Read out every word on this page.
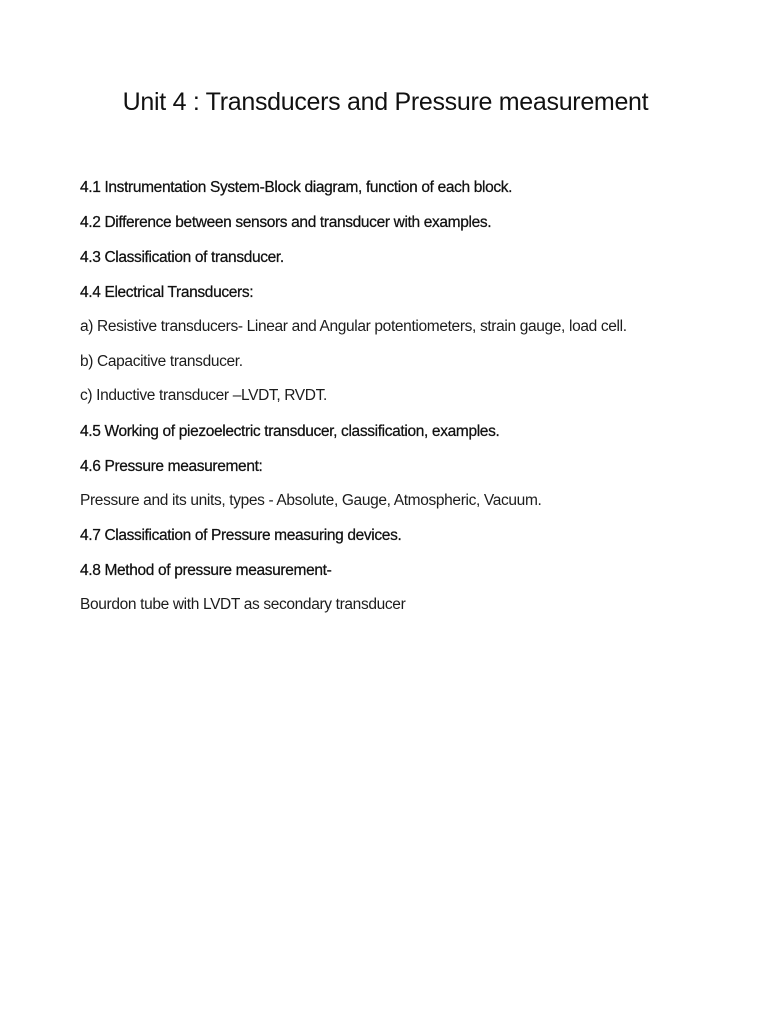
Unit 4 : Transducers and Pressure measurement
4.1 Instrumentation System-Block diagram, function of each block.
4.2 Difference between sensors and transducer with examples.
4.3 Classification of transducer.
4.4 Electrical Transducers:
a) Resistive transducers- Linear and Angular potentiometers, strain gauge, load cell.
b) Capacitive transducer.
c) Inductive transducer –LVDT, RVDT.
4.5 Working of piezoelectric transducer, classification, examples.
4.6 Pressure measurement:
Pressure and its units, types - Absolute, Gauge, Atmospheric, Vacuum.
4.7 Classification of Pressure measuring devices.
4.8 Method of pressure measurement-
Bourdon tube with LVDT as secondary transducer
